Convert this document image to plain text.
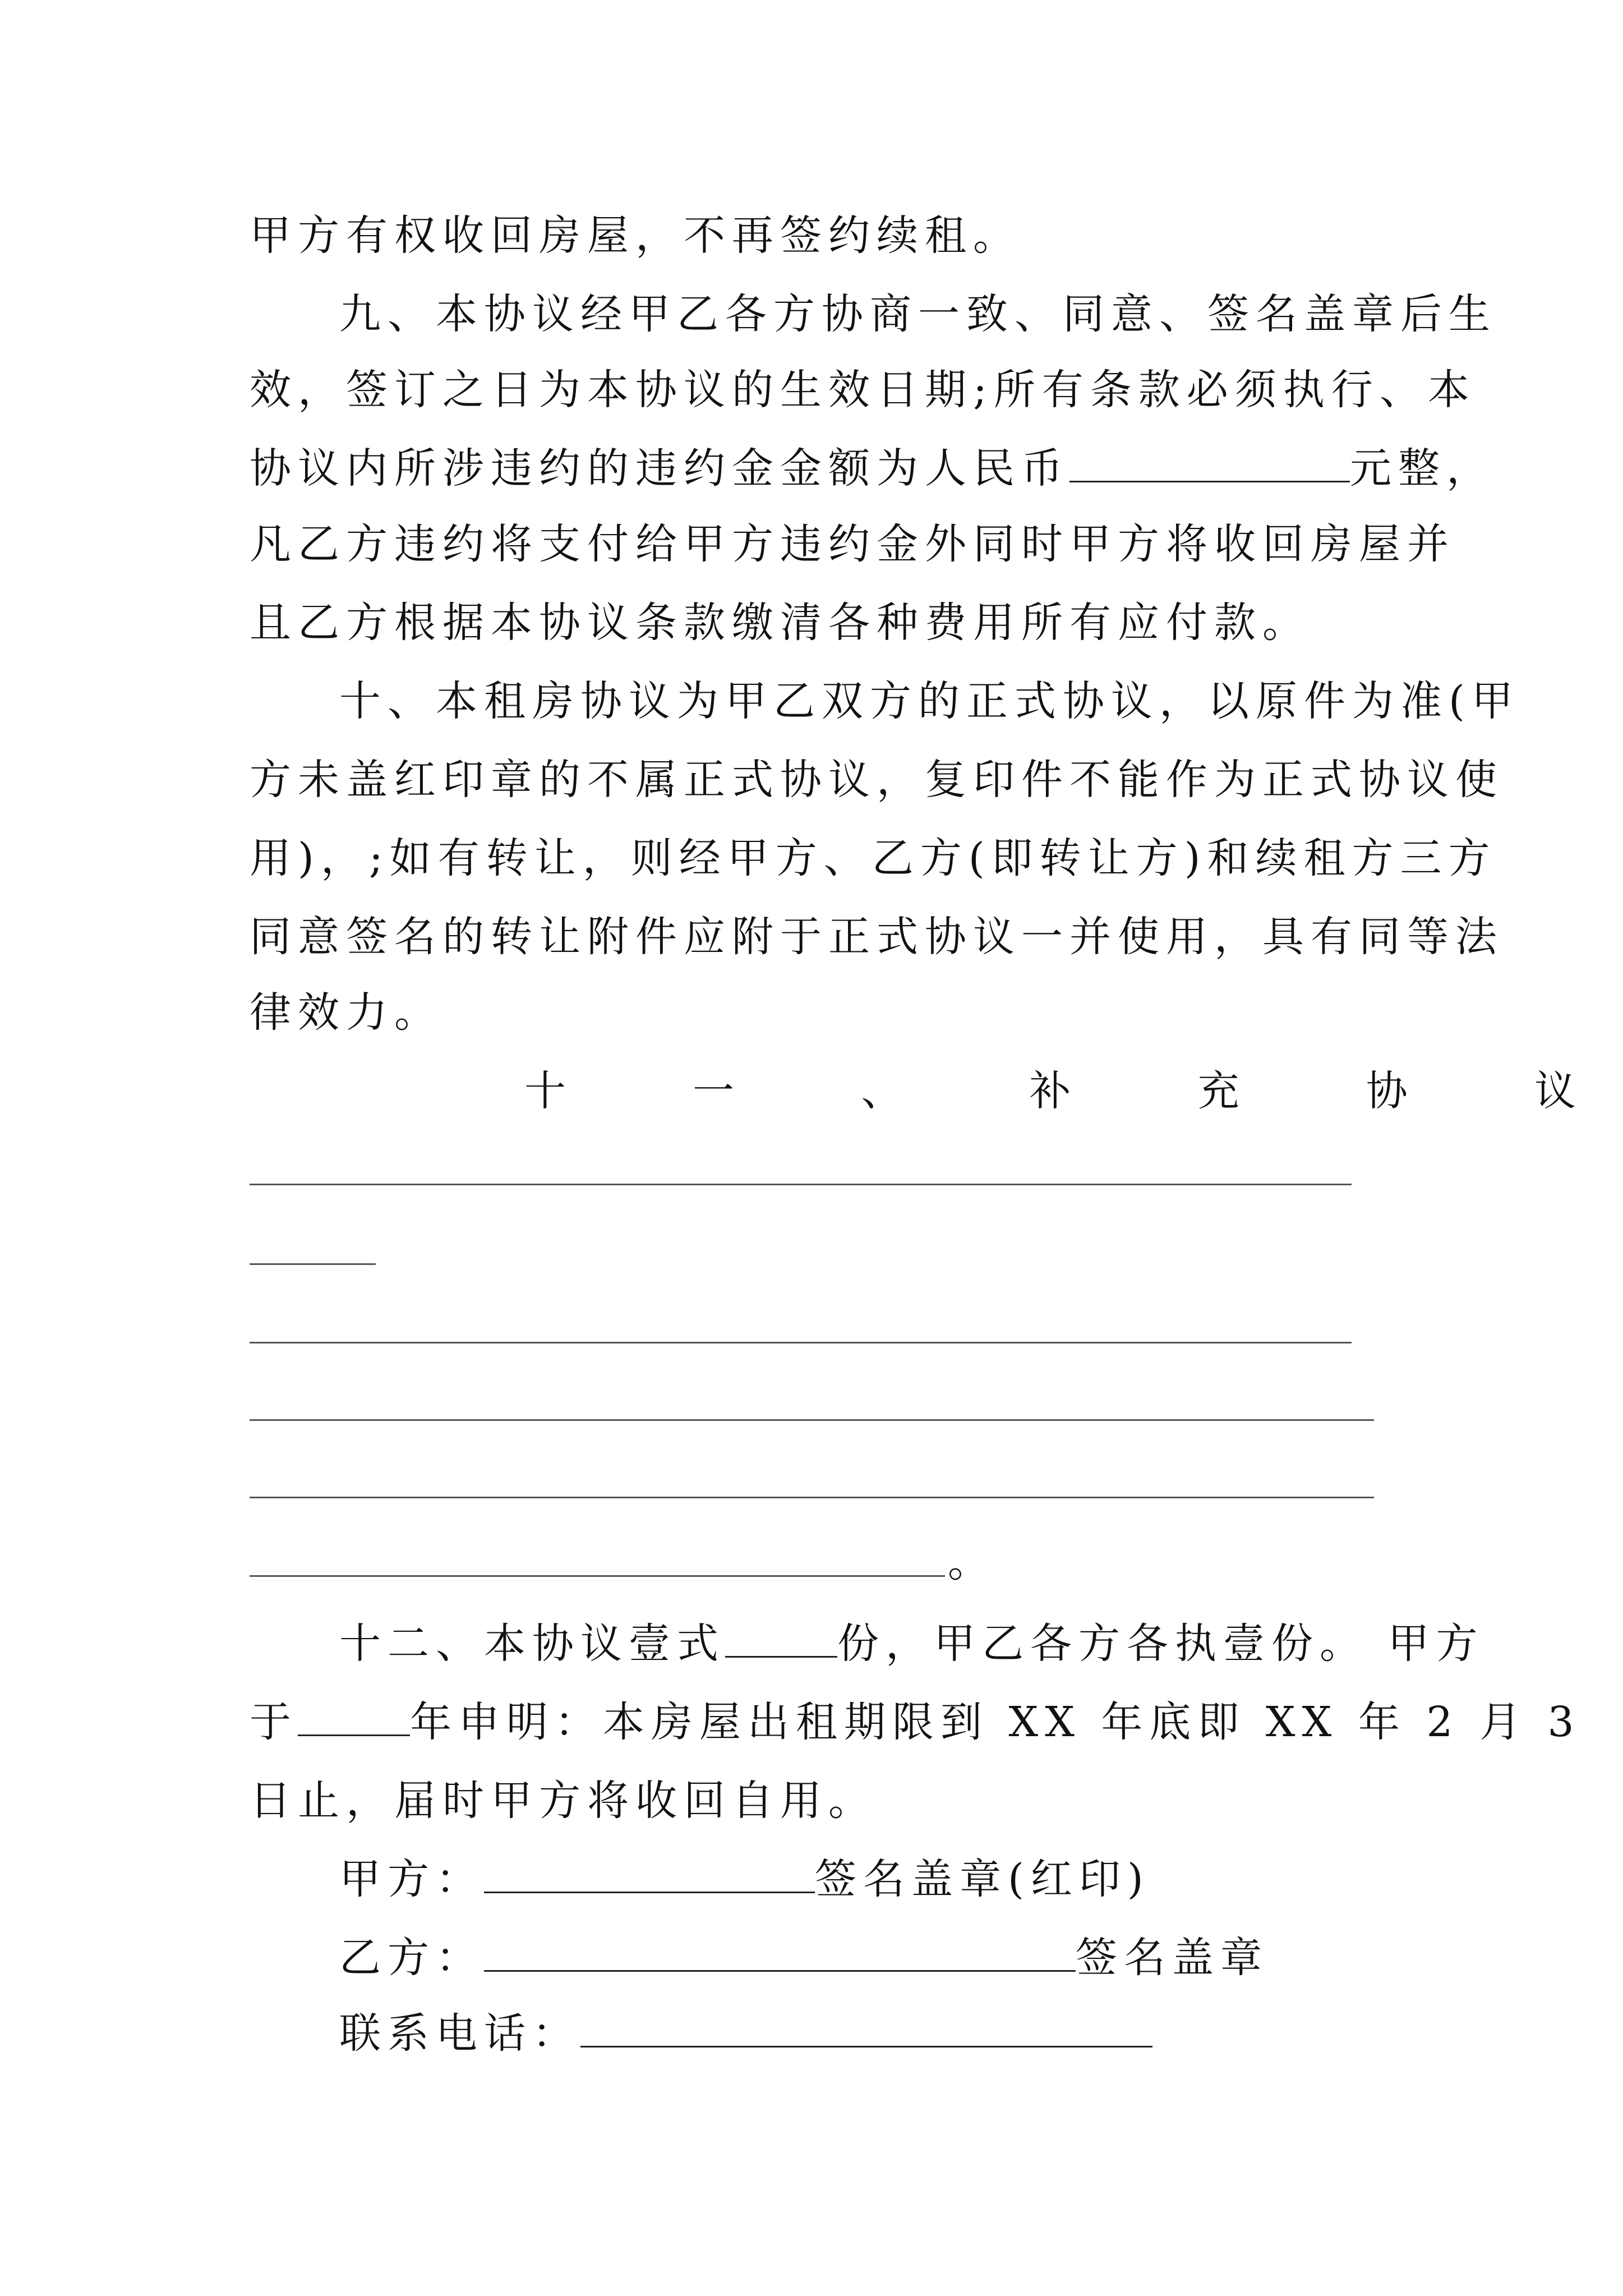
甲方有权收回房屋，不再签约续租。
九、本协议经甲乙各方协商一致、同意、签名盖章后生
效，签订之日为本协议的生效日期;所有条款必须执行、本
协议内所涉违约的违约金金额为人民币	元整，
凡乙方违约将支付给甲方违约金外同时甲方将收回房屋并
且乙方根据本协议条款缴清各种费用所有应付款。
十、本租房协议为甲乙双方的正式协议，以原件为准(甲
方未盖红印章的不属正式协议，复印件不能作为正式协议使
用)，;如有转让，则经甲方、乙方(即转让方)和续租方三方
同意签名的转让附件应附于正式协议一并使用，具有同等法
律效力。
十	一	、	补	充	协	议
。
十二、本协议壹式	份，甲乙各方各执壹份。 甲方
于	年申明：本房屋出租期限到 XX 年底即 XX 年 2 月 3
日止，届时甲方将收回自用。
甲方：	签名盖章(红印)
乙方：	签名盖章
联系电话：
